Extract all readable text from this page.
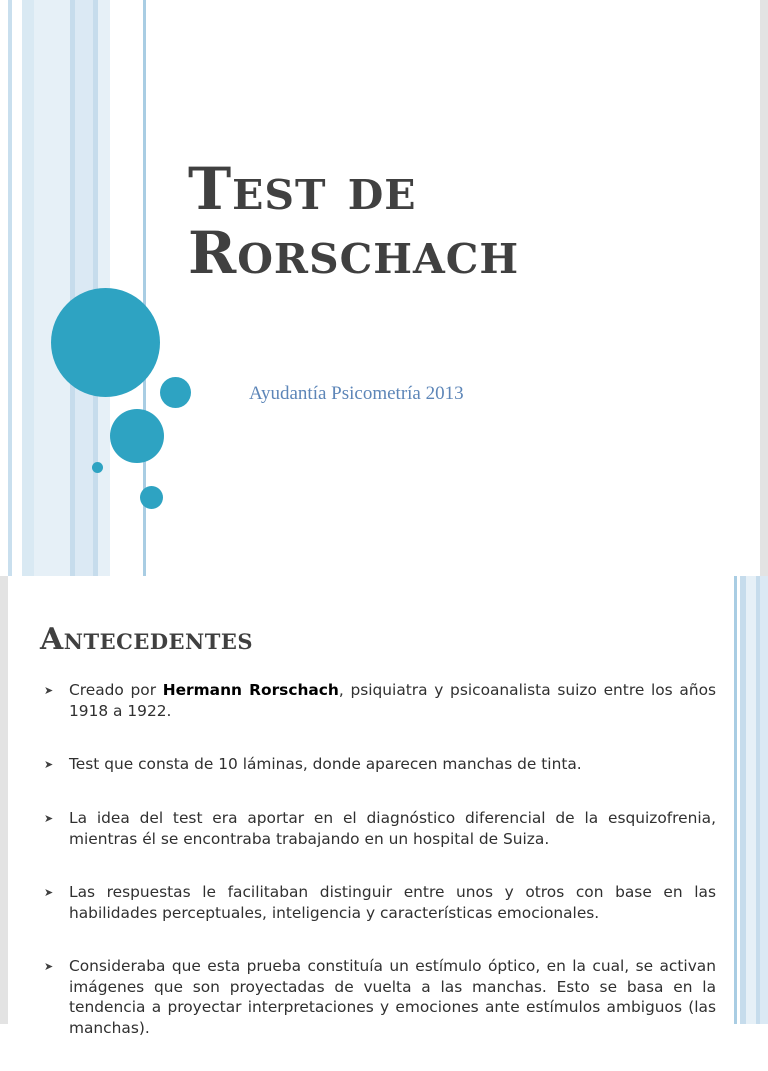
Test de
Rorschach
Ayudantía Psicometría 2013
Antecedentes
➤	Creado por Hermann Rorschach, psiquiatra y psicoanalista suizo entre los años 1918 a 1922.
➤	Test que consta de 10 láminas, donde aparecen manchas de tinta.
➤	La idea del test era aportar en el diagnóstico diferencial de la esquizofrenia, mientras él se encontraba trabajando en un hospital de Suiza.
➤	Las respuestas le facilitaban distinguir entre unos y otros con base en las habilidades perceptuales, inteligencia y características emocionales.
➤	Consideraba que esta prueba constituía un estímulo óptico, en la cual, se activan imágenes que son proyectadas de vuelta a las manchas. Esto se basa en la tendencia a proyectar interpretaciones y emociones ante estímulos ambiguos (las manchas).
